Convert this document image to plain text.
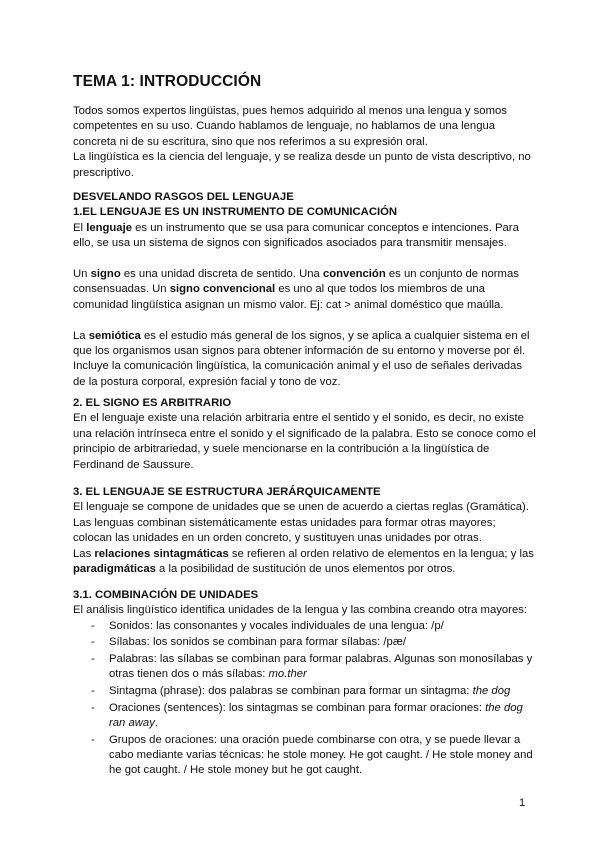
TEMA 1: INTRODUCCIÓN
Todos somos expertos lingüistas, pues hemos adquirido al menos una lengua y somos
competentes en su uso. Cuando hablamos de lenguaje, no hablamos de una lengua
concreta ni de su escritura, sino que nos referimos a su expresión oral.
La lingüística es la ciencia del lenguaje, y se realiza desde un punto de vista descriptivo, no
prescriptivo.
DESVELANDO RASGOS DEL LENGUAJE
1.EL LENGUAJE ES UN INSTRUMENTO DE COMUNICACIÓN
El lenguaje es un instrumento que se usa para comunicar conceptos e intenciones. Para
ello, se usa un sistema de signos con significados asociados para transmitir mensajes.
Un signo es una unidad discreta de sentido. Una convención es un conjunto de normas
consensuadas. Un signo convencional es uno al que todos los miembros de una
comunidad lingüística asignan un mismo valor. Ej: cat > animal doméstico que maúlla.
La semiótica es el estudio más general de los signos, y se aplica a cualquier sistema en el
que los organismos usan signos para obtener información de su entorno y moverse por él.
Incluye la comunicación lingüística, la comunicación animal y el uso de señales derivadas
de la postura corporal, expresión facial y tono de voz.
2. EL SIGNO ES ARBITRARIO
En el lenguaje existe una relación arbitraria entre el sentido y el sonido, es decir, no existe
una relación intrínseca entre el sonido y el significado de la palabra. Esto se conoce como el
principio de arbitrariedad, y suele mencionarse en la contribución a la lingüística de
Ferdinand de Saussure.
3. EL LENGUAJE SE ESTRUCTURA JERÁRQUICAMENTE
El lenguaje se compone de unidades que se unen de acuerdo a ciertas reglas (Gramática).
Las lenguas combinan sistemáticamente estas unidades para formar otras mayores;
colocan las unidades en un orden concreto, y sustituyen unas unidades por otras.
Las relaciones sintagmáticas se refieren al orden relativo de elementos en la lengua; y las
paradigmáticas a la posibilidad de sustitución de unos elementos por otros.
3.1. COMBINACIÓN DE UNIDADES
El análisis lingüístico identifica unidades de la lengua y las combina creando otra mayores:
- Sonidos: las consonantes y vocales individuales de una lengua: /p/
- Sílabas: los sonidos se combinan para formar sílabas: /pæ/
- Palabras: las sílabas se combinan para formar palabras. Algunas son monosílabas y otras tienen dos o más sílabas: mo.ther
- Sintagma (phrase): dos palabras se combinan para formar un sintagma: the dog
- Oraciones (sentences): los sintagmas se combinan para formar oraciones: the dog ran away.
- Grupos de oraciones: una oración puede combinarse con otra, y se puede llevar a cabo mediante varias técnicas: he stole money. He got caught. / He stole money and he got caught. / He stole money but he got caught.
1
